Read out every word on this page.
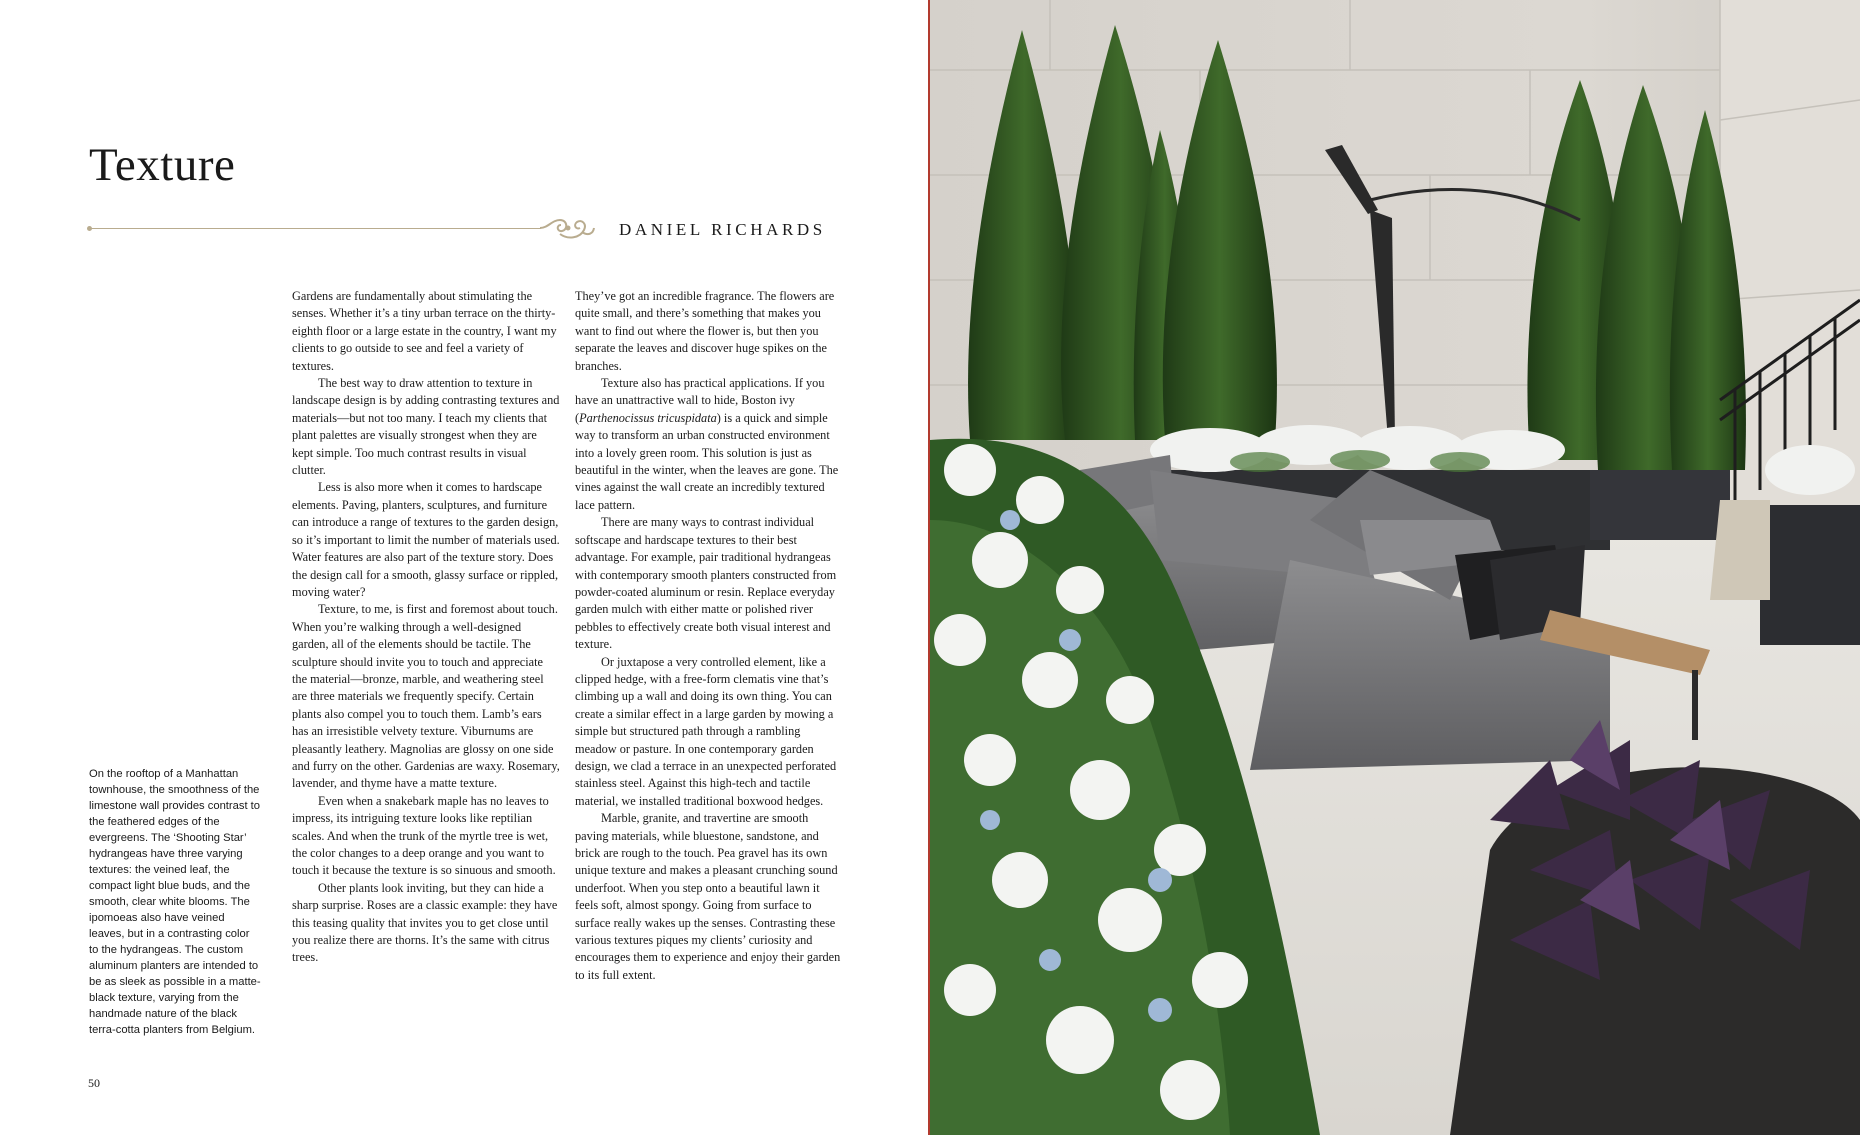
Texture
DANIEL RICHARDS
On the rooftop of a Manhattan townhouse, the smoothness of the limestone wall provides contrast to the feathered edges of the evergreens. The ‘Shooting Star’ hydrangeas have three varying textures: the veined leaf, the compact light blue buds, and the smooth, clear white blooms. The ipomoeas also have veined leaves, but in a contrasting color to the hydrangeas. The custom aluminum planters are intended to be as sleek as possible in a matte-black texture, varying from the handmade nature of the black terra-cotta planters from Belgium.

Gardens are fundamentally about stimulating the senses. Whether it’s a tiny urban terrace on the thirty-eighth floor or a large estate in the country, I want my clients to go outside to see and feel a variety of textures.

The best way to draw attention to texture in landscape design is by adding contrasting textures and materials—but not too many. I teach my clients that plant palettes are visually strongest when they are kept simple. Too much contrast results in visual clutter.

Less is also more when it comes to hardscape elements. Paving, planters, sculptures, and furniture can introduce a range of textures to the garden design, so it’s important to limit the number of materials used. Water features are also part of the texture story. Does the design call for a smooth, glassy surface or rippled, moving water?

Texture, to me, is first and foremost about touch. When you’re walking through a well-designed garden, all of the elements should be tactile. The sculpture should invite you to touch and appreciate the material—bronze, marble, and weathering steel are three materials we frequently specify. Certain plants also compel you to touch them. Lamb’s ears has an irresistible velvety texture. Viburnums are pleasantly leathery. Magnolias are glossy on one side and furry on the other. Gardenias are waxy. Rosemary, lavender, and thyme have a matte texture.

Even when a snakebark maple has no leaves to impress, its intriguing texture looks like reptilian scales. And when the trunk of the myrtle tree is wet, the color changes to a deep orange and you want to touch it because the texture is so sinuous and smooth.

Other plants look inviting, but they can hide a sharp surprise. Roses are a classic example: they have this teasing quality that invites you to get close until you realize there are thorns. It’s the same with citrus trees.

They’ve got an incredible fragrance. The flowers are quite small, and there’s something that makes you want to find out where the flower is, but then you separate the leaves and discover huge spikes on the branches.

Texture also has practical applications. If you have an unattractive wall to hide, Boston ivy (Parthenocissus tricuspidata) is a quick and simple way to transform an urban constructed environment into a lovely green room. This solution is just as beautiful in the winter, when the leaves are gone. The vines against the wall create an incredibly textured lace pattern.

There are many ways to contrast individual softscape and hardscape textures to their best advantage. For example, pair traditional hydrangeas with contemporary smooth planters constructed from powder-coated aluminum or resin. Replace everyday garden mulch with either matte or polished river pebbles to effectively create both visual interest and texture.

Or juxtapose a very controlled element, like a clipped hedge, with a free-form clematis vine that’s climbing up a wall and doing its own thing. You can create a similar effect in a large garden by mowing a simple but structured path through a rambling meadow or pasture. In one contemporary garden design, we clad a terrace in an unexpected perforated stainless steel. Against this high-tech and tactile material, we installed traditional boxwood hedges.

Marble, granite, and travertine are smooth paving materials, while bluestone, sandstone, and brick are rough to the touch. Pea gravel has its own unique texture and makes a pleasant crunching sound underfoot. When you step onto a beautiful lawn it feels soft, almost spongy. Going from surface to surface really wakes up the senses. Contrasting these various textures piques my clients’ curiosity and encourages them to experience and enjoy their garden to its full extent.

50
